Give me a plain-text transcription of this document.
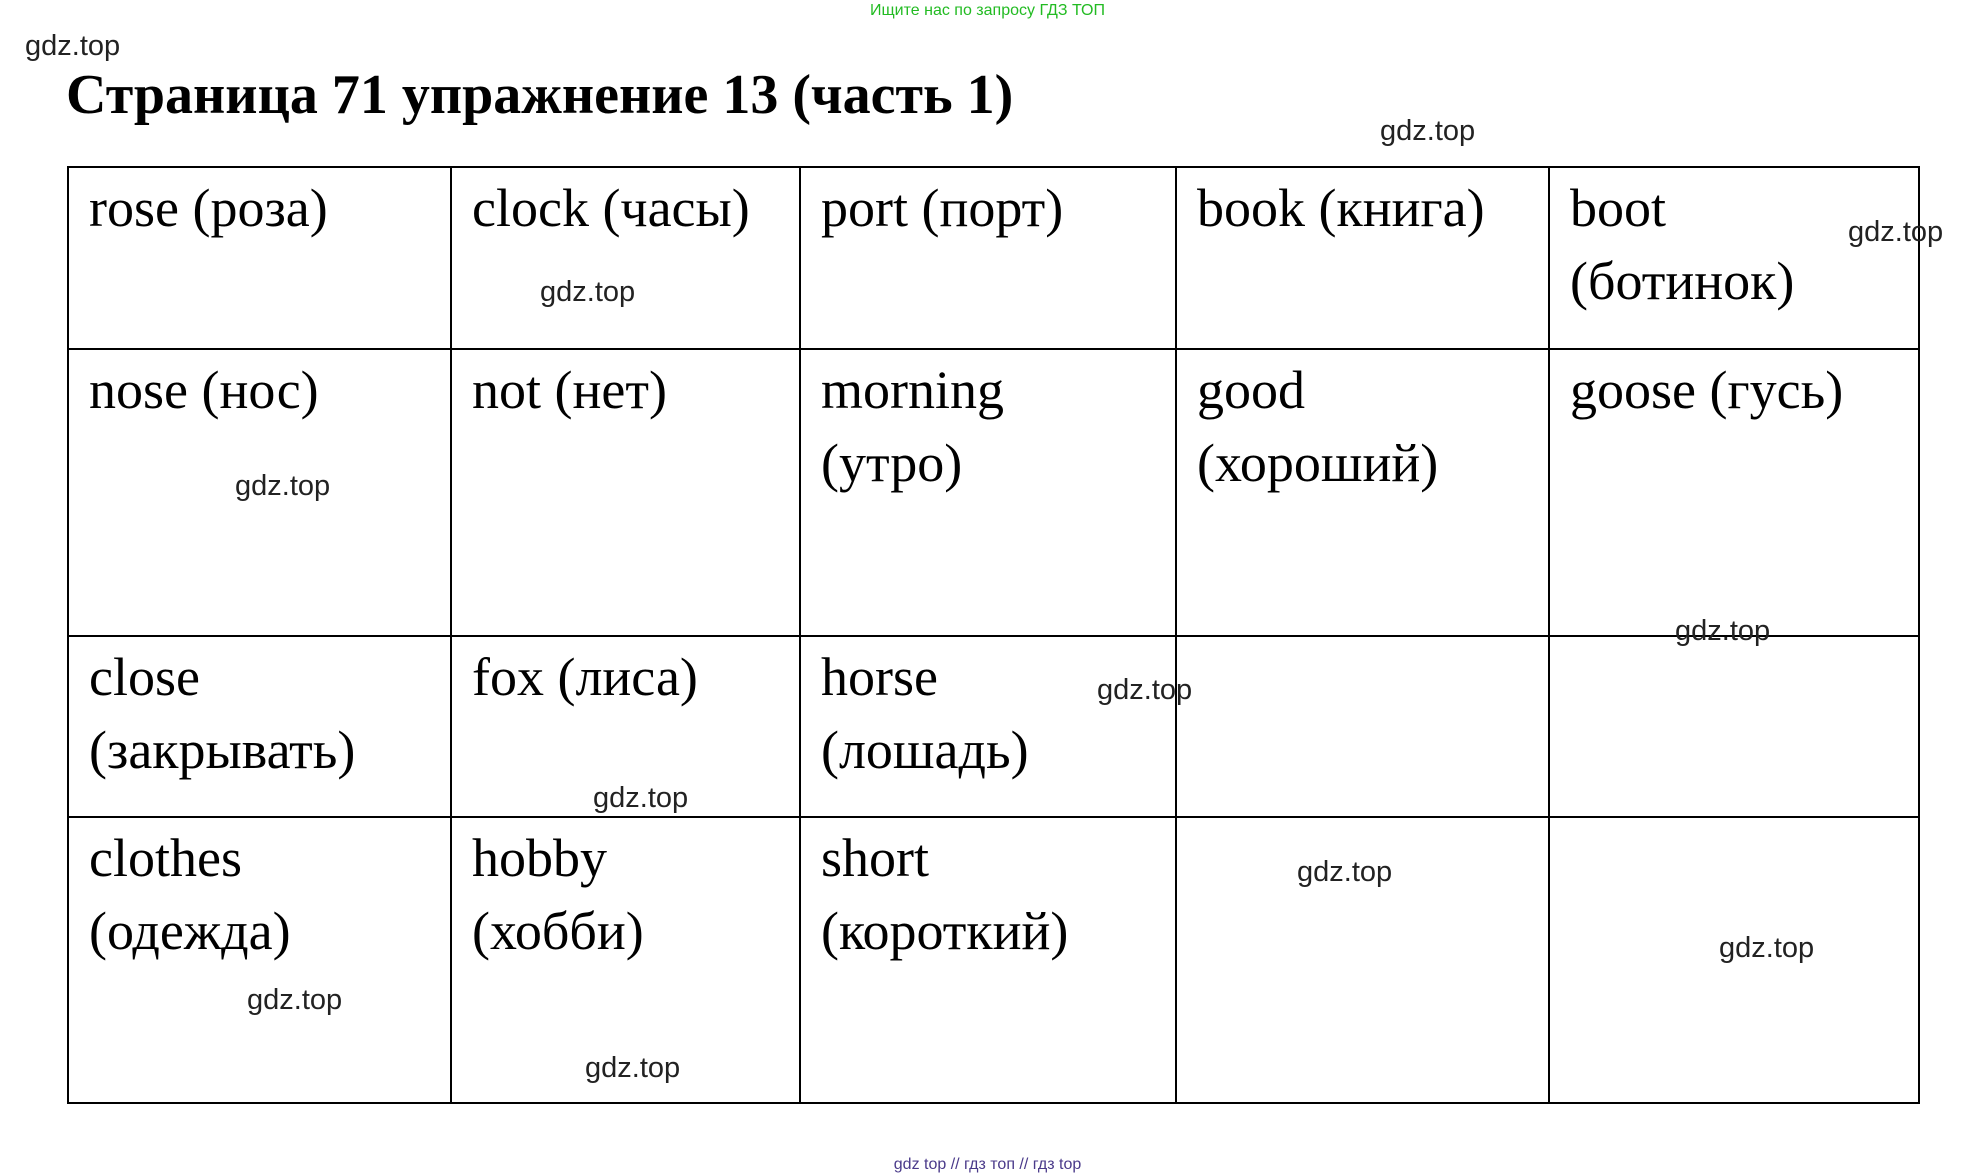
Ищите нас по запросу ГДЗ ТОП
gdz.top
Страница 71 упражнение 13 (часть 1)
gdz.top
rose (роза)	clock (часы)	port (порт)	book (книга)	boot (ботинок)
nose (нос)	not (нет)	morning (утро)	good (хороший)	goose (гусь)
close (закрывать)	fox (лиса)	horse (лошадь)		
clothes (одежда)	hobby (хобби)	short (короткий)		
gdz.top
gdz.top
gdz.top
gdz.top
gdz.top
gdz.top
gdz.top
gdz.top
gdz.top
gdz.top
gdz top // гдз топ // гдз top
